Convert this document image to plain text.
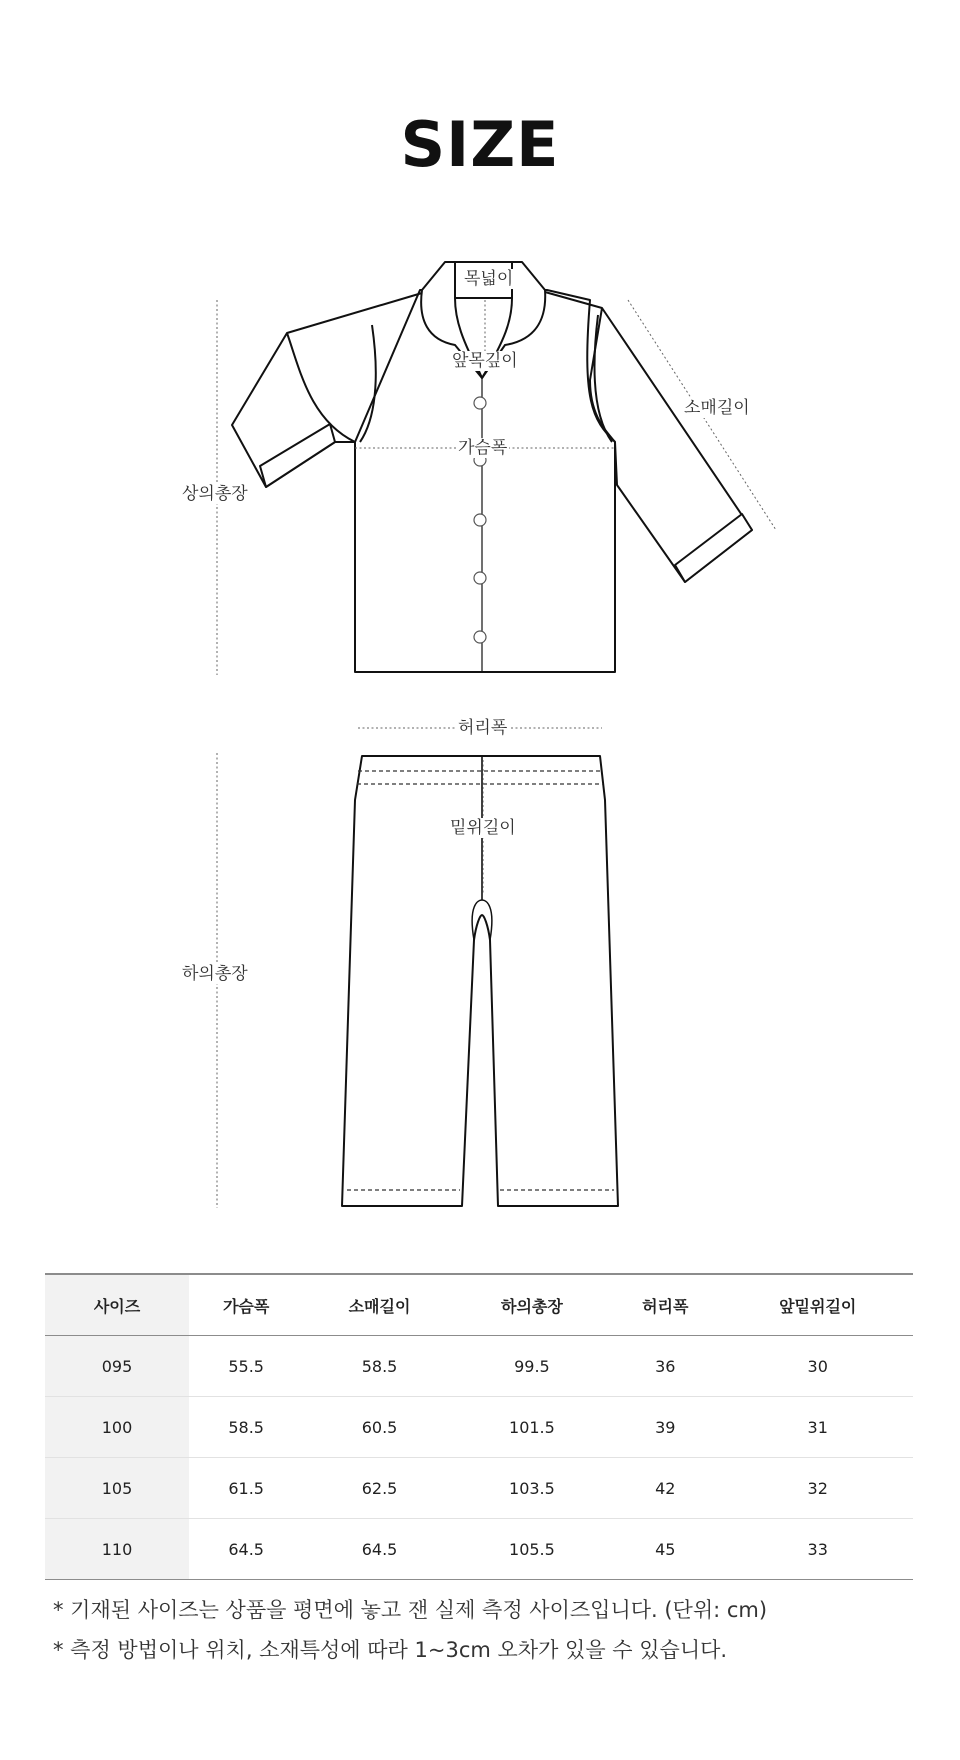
SIZE
목넓이
앞목깊이
소매길이
가슴폭
상의총장
허리폭
밑위길이
하의총장
사이즈	가슴폭	소매길이	하의총장	허리폭	앞밑위길이
095	55.5	58.5	99.5	36	30
100	58.5	60.5	101.5	39	31
105	61.5	62.5	103.5	42	32
110	64.5	64.5	105.5	45	33

* 기재된 사이즈는 상품을 평면에 놓고 잰 실제 측정 사이즈입니다. (단위: cm)

* 측정 방법이나 위치, 소재특성에 따라 1~3cm 오차가 있을 수 있습니다.
